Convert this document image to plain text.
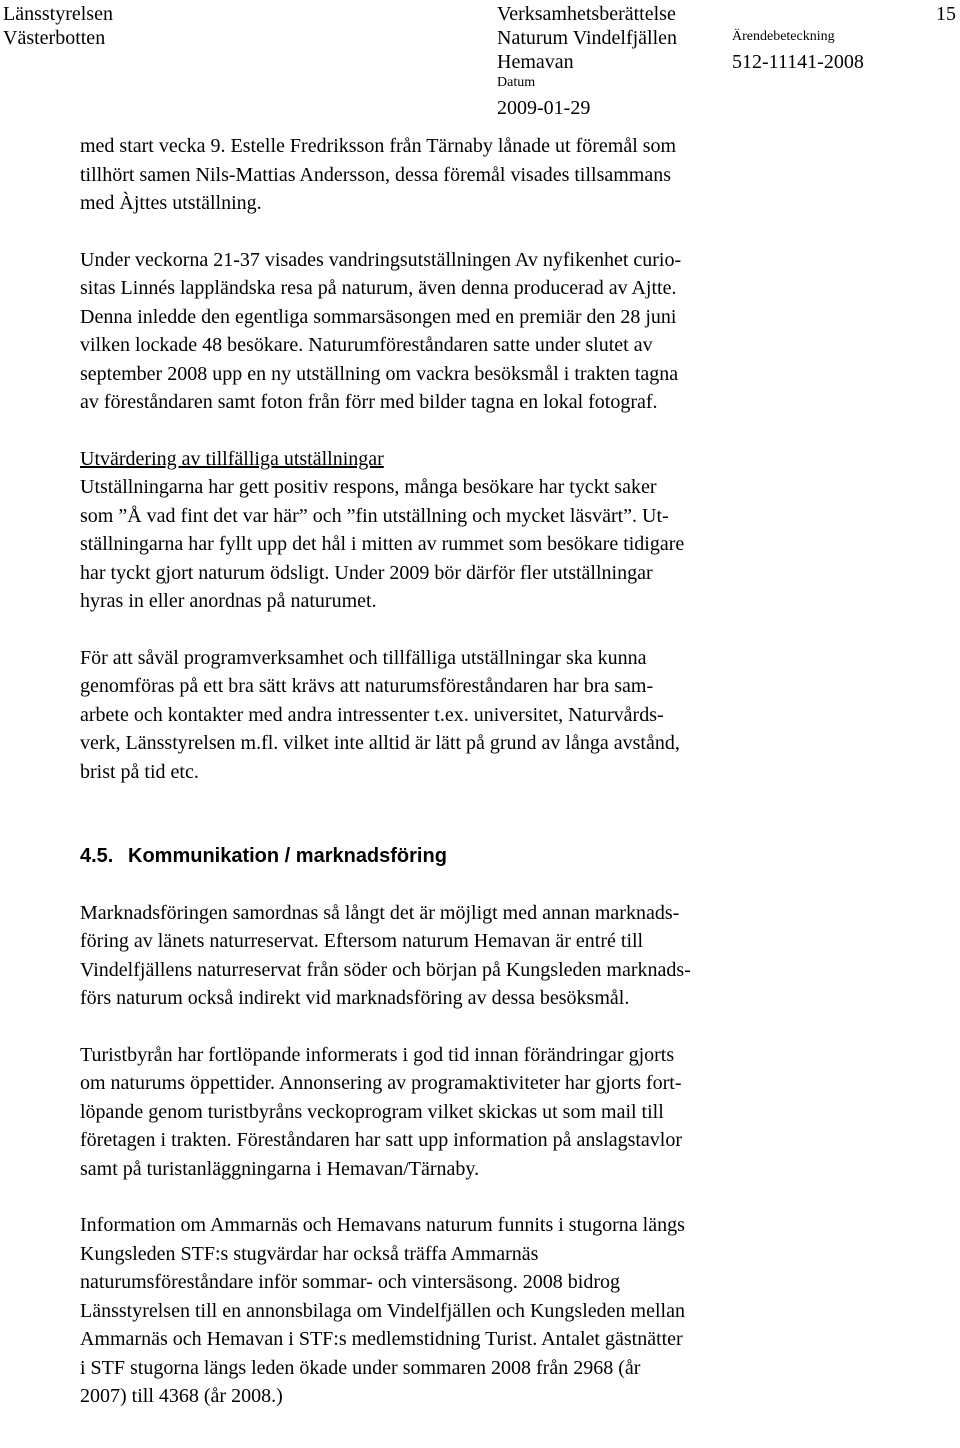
Länsstyrelsen
Västerbotten
Verksamhetsberättelse
Naturum Vindelfjällen
Hemavan
Datum
2009-01-29
Ärendebeteckning
512-11141-2008
15

med start vecka 9. Estelle Fredriksson från Tärnaby lånade ut föremål som
tillhört samen Nils-Mattias Andersson, dessa föremål visades tillsammans
med Àjttes utställning.

Under veckorna 21-37 visades vandringsutställningen Av nyfikenhet curio-
sitas Linnés lappländska resa på naturum, även denna producerad av Ajtte.
Denna inledde den egentliga sommarsäsongen med en premiär den 28 juni
vilken lockade 48 besökare. Naturumföreståndaren satte under slutet av
september 2008 upp en ny utställning om vackra besöksmål i trakten tagna
av föreståndaren samt foton från förr med bilder tagna en lokal fotograf.

Utvärdering av tillfälliga utställningar
Utställningarna har gett positiv respons, många besökare har tyckt saker
som ”Å vad fint det var här” och ”fin utställning och mycket läsvärt”. Ut-
ställningarna har fyllt upp det hål i mitten av rummet som besökare tidigare
har tyckt gjort naturum ödsligt. Under 2009 bör därför fler utställningar
hyras in eller anordnas på naturumet.

För att såväl programverksamhet och tillfälliga utställningar ska kunna
genomföras på ett bra sätt krävs att naturumsföreståndaren har bra sam-
arbete och kontakter med andra intressenter t.ex. universitet, Naturvårds-
verk, Länsstyrelsen m.fl. vilket inte alltid är lätt på grund av långa avstånd,
brist på tid etc.

4.5. Kommunikation / marknadsföring

Marknadsföringen samordnas så långt det är möjligt med annan marknads-
föring av länets naturreservat. Eftersom naturum Hemavan är entré till
Vindelfjällens naturreservat från söder och början på Kungsleden marknads-
förs naturum också indirekt vid marknadsföring av dessa besöksmål.

Turistbyrån har fortlöpande informerats i god tid innan förändringar gjorts
om naturums öppettider. Annonsering av programaktiviteter har gjorts fort-
löpande genom turistbyråns veckoprogram vilket skickas ut som mail till
företagen i trakten. Föreståndaren har satt upp information på anslagstavlor
samt på turistanläggningarna i Hemavan/Tärnaby.

Information om Ammarnäs och Hemavans naturum funnits i stugorna längs
Kungsleden STF:s stugvärdar har också träffa Ammarnäs
naturumsföreståndare inför sommar- och vintersäsong. 2008 bidrog
Länsstyrelsen till en annonsbilaga om Vindelfjällen och Kungsleden mellan
Ammarnäs och Hemavan i STF:s medlemstidning Turist. Antalet gästnätter
i STF stugorna längs leden ökade under sommaren 2008 från 2968 (år
2007) till 4368 (år 2008.)
